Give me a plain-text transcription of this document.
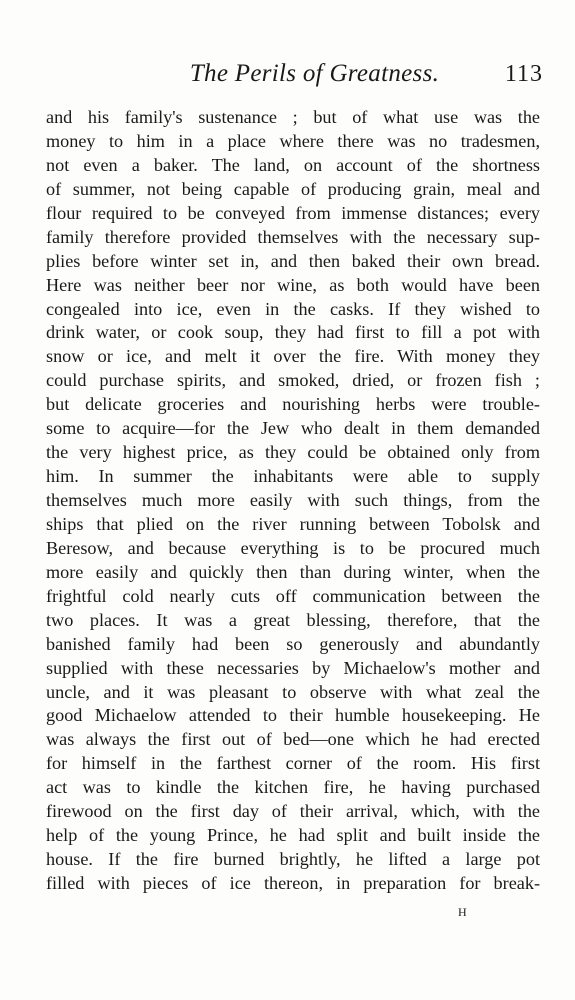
The Perils of Greatness.	113
and his family's sustenance ; but of what use was the
money to him in a place where there was no tradesmen,
not even a baker. The land, on account of the shortness
of summer, not being capable of producing grain, meal and
flour required to be conveyed from immense distances; every
family therefore provided themselves with the necessary sup-
plies before winter set in, and then baked their own bread.
Here was neither beer nor wine, as both would have been
congealed into ice, even in the casks. If they wished to
drink water, or cook soup, they had first to fill a pot with
snow or ice, and melt it over the fire. With money they
could purchase spirits, and smoked, dried, or frozen fish ;
but delicate groceries and nourishing herbs were trouble-
some to acquire—for the Jew who dealt in them demanded
the very highest price, as they could be obtained only from
him. In summer the inhabitants were able to supply
themselves much more easily with such things, from the
ships that plied on the river running between Tobolsk and
Beresow, and because everything is to be procured much
more easily and quickly then than during winter, when the
frightful cold nearly cuts off communication between the
two places. It was a great blessing, therefore, that the
banished family had been so generously and abundantly
supplied with these necessaries by Michaelow's mother and
uncle, and it was pleasant to observe with what zeal the
good Michaelow attended to their humble housekeeping. He
was always the first out of bed—one which he had erected
for himself in the farthest corner of the room. His first
act was to kindle the kitchen fire, he having purchased
firewood on the first day of their arrival, which, with the
help of the young Prince, he had split and built inside the
house. If the fire burned brightly, he lifted a large pot
filled with pieces of ice thereon, in preparation for break-
H
